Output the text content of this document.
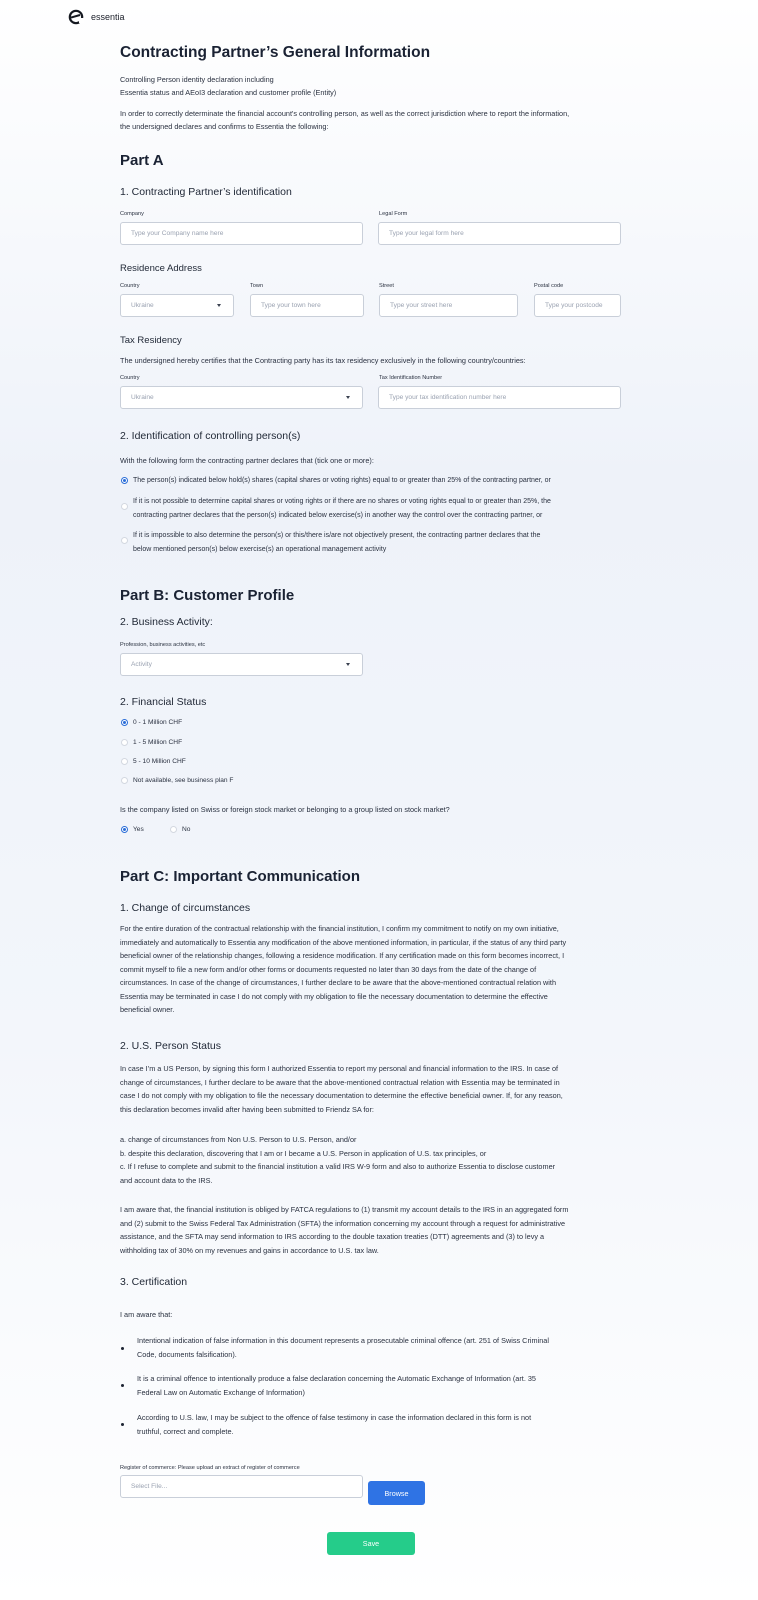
essentia
Contracting Partner’s General Information
Controlling Person identity declaration including
Essentia status and AEoI3 declaration and customer profile (Entity)
In order to correctly determinate the financial account's controlling person, as well as the correct jurisdiction where to report the information,
the undersigned declares and confirms to Essentia the following:
Part A
1. Contracting Partner’s identification
Company
Type your Company name here
Legal Form
Type your legal form here
Residence Address
Country
Ukraine
Town
Type your town here
Street
Type your street here
Postal code
Type your postcode
Tax Residency
The undersigned hereby certifies that the Contracting party has its tax residency exclusively in the following country/countries:
Country
Ukraine
Tax Identification Number
Type your tax identification number here
2. Identification of controlling person(s)
With the following form the contracting partner declares that (tick one or more):
The person(s) indicated below hold(s) shares (capital shares or voting rights) equal to or greater than 25% of the contracting partner, or
If it is not possible to determine capital shares or voting rights or if there are no shares or voting rights equal to or greater than 25%, the
contracting partner declares that the person(s) indicated below exercise(s) in another way the control over the contracting partner, or
If it is impossible to also determine the person(s) or this/there is/are not objectively present, the contracting partner declares that the
below mentioned person(s) below exercise(s) an operational management activity
Part B: Customer Profile
2. Business Activity:
Profession, business activities, etc
Activity
2. Financial Status
0 - 1 Million CHF
1 - 5 Million CHF
5 - 10 Million CHF
Not available, see business plan F
Is the company listed on Swiss or foreign stock market or belonging to a group listed on stock market?
Yes	No
Part C: Important Communication
1. Change of circumstances
For the entire duration of the contractual relationship with the financial institution, I confirm my commitment to notify on my own initiative,
immediately and automatically to Essentia any modification of the above mentioned information, in particular, if the status of any third party
beneficial owner of the relationship changes, following a residence modification. If any certification made on this form becomes incorrect, I
commit myself to file a new form and/or other forms or documents requested no later than 30 days from the date of the change of
circumstances. In case of the change of circumstances, I further declare to be aware that the above-mentioned contractual relation with
Essentia may be terminated in case I do not comply with my obligation to file the necessary documentation to determine the effective
beneficial owner.
2. U.S. Person Status
In case I’m a US Person, by signing this form I authorized Essentia to report my personal and financial information to the IRS. In case of
change of circumstances, I further declare to be aware that the above-mentioned contractual relation with Essentia may be terminated in
case I do not comply with my obligation to file the necessary documentation to determine the effective beneficial owner. If, for any reason,
this declaration becomes invalid after having been submitted to Friendz SA for:
a. change of circumstances from Non U.S. Person to U.S. Person, and/or
b. despite this declaration, discovering that I am or I became a U.S. Person in application of U.S. tax principles, or
c. If I refuse to complete and submit to the financial institution a valid IRS W-9 form and also to authorize Essentia to disclose customer
and account data to the IRS.
I am aware that, the financial institution is obliged by FATCA regulations to (1) transmit my account details to the IRS in an aggregated form
and (2) submit to the Swiss Federal Tax Administration (SFTA) the information concerning my account through a request for administrative
assistance, and the SFTA may send information to IRS according to the double taxation treaties (DTT) agreements and (3) to levy a
withholding tax of 30% on my revenues and gains in accordance to U.S. tax law.
3. Certification
I am aware that:
Intentional indication of false information in this document represents a prosecutable criminal offence (art. 251 of Swiss Criminal
Code, documents falsification).
It is a criminal offence to intentionally produce a false declaration concerning the Automatic Exchange of Information (art. 35
Federal Law on Automatic Exchange of Information)
According to U.S. law, I may be subject to the offence of false testimony in case the information declared in this form is not
truthful, correct and complete.
Register of commerce: Please upload an extract of register of commerce
Select File...
Browse
Save
